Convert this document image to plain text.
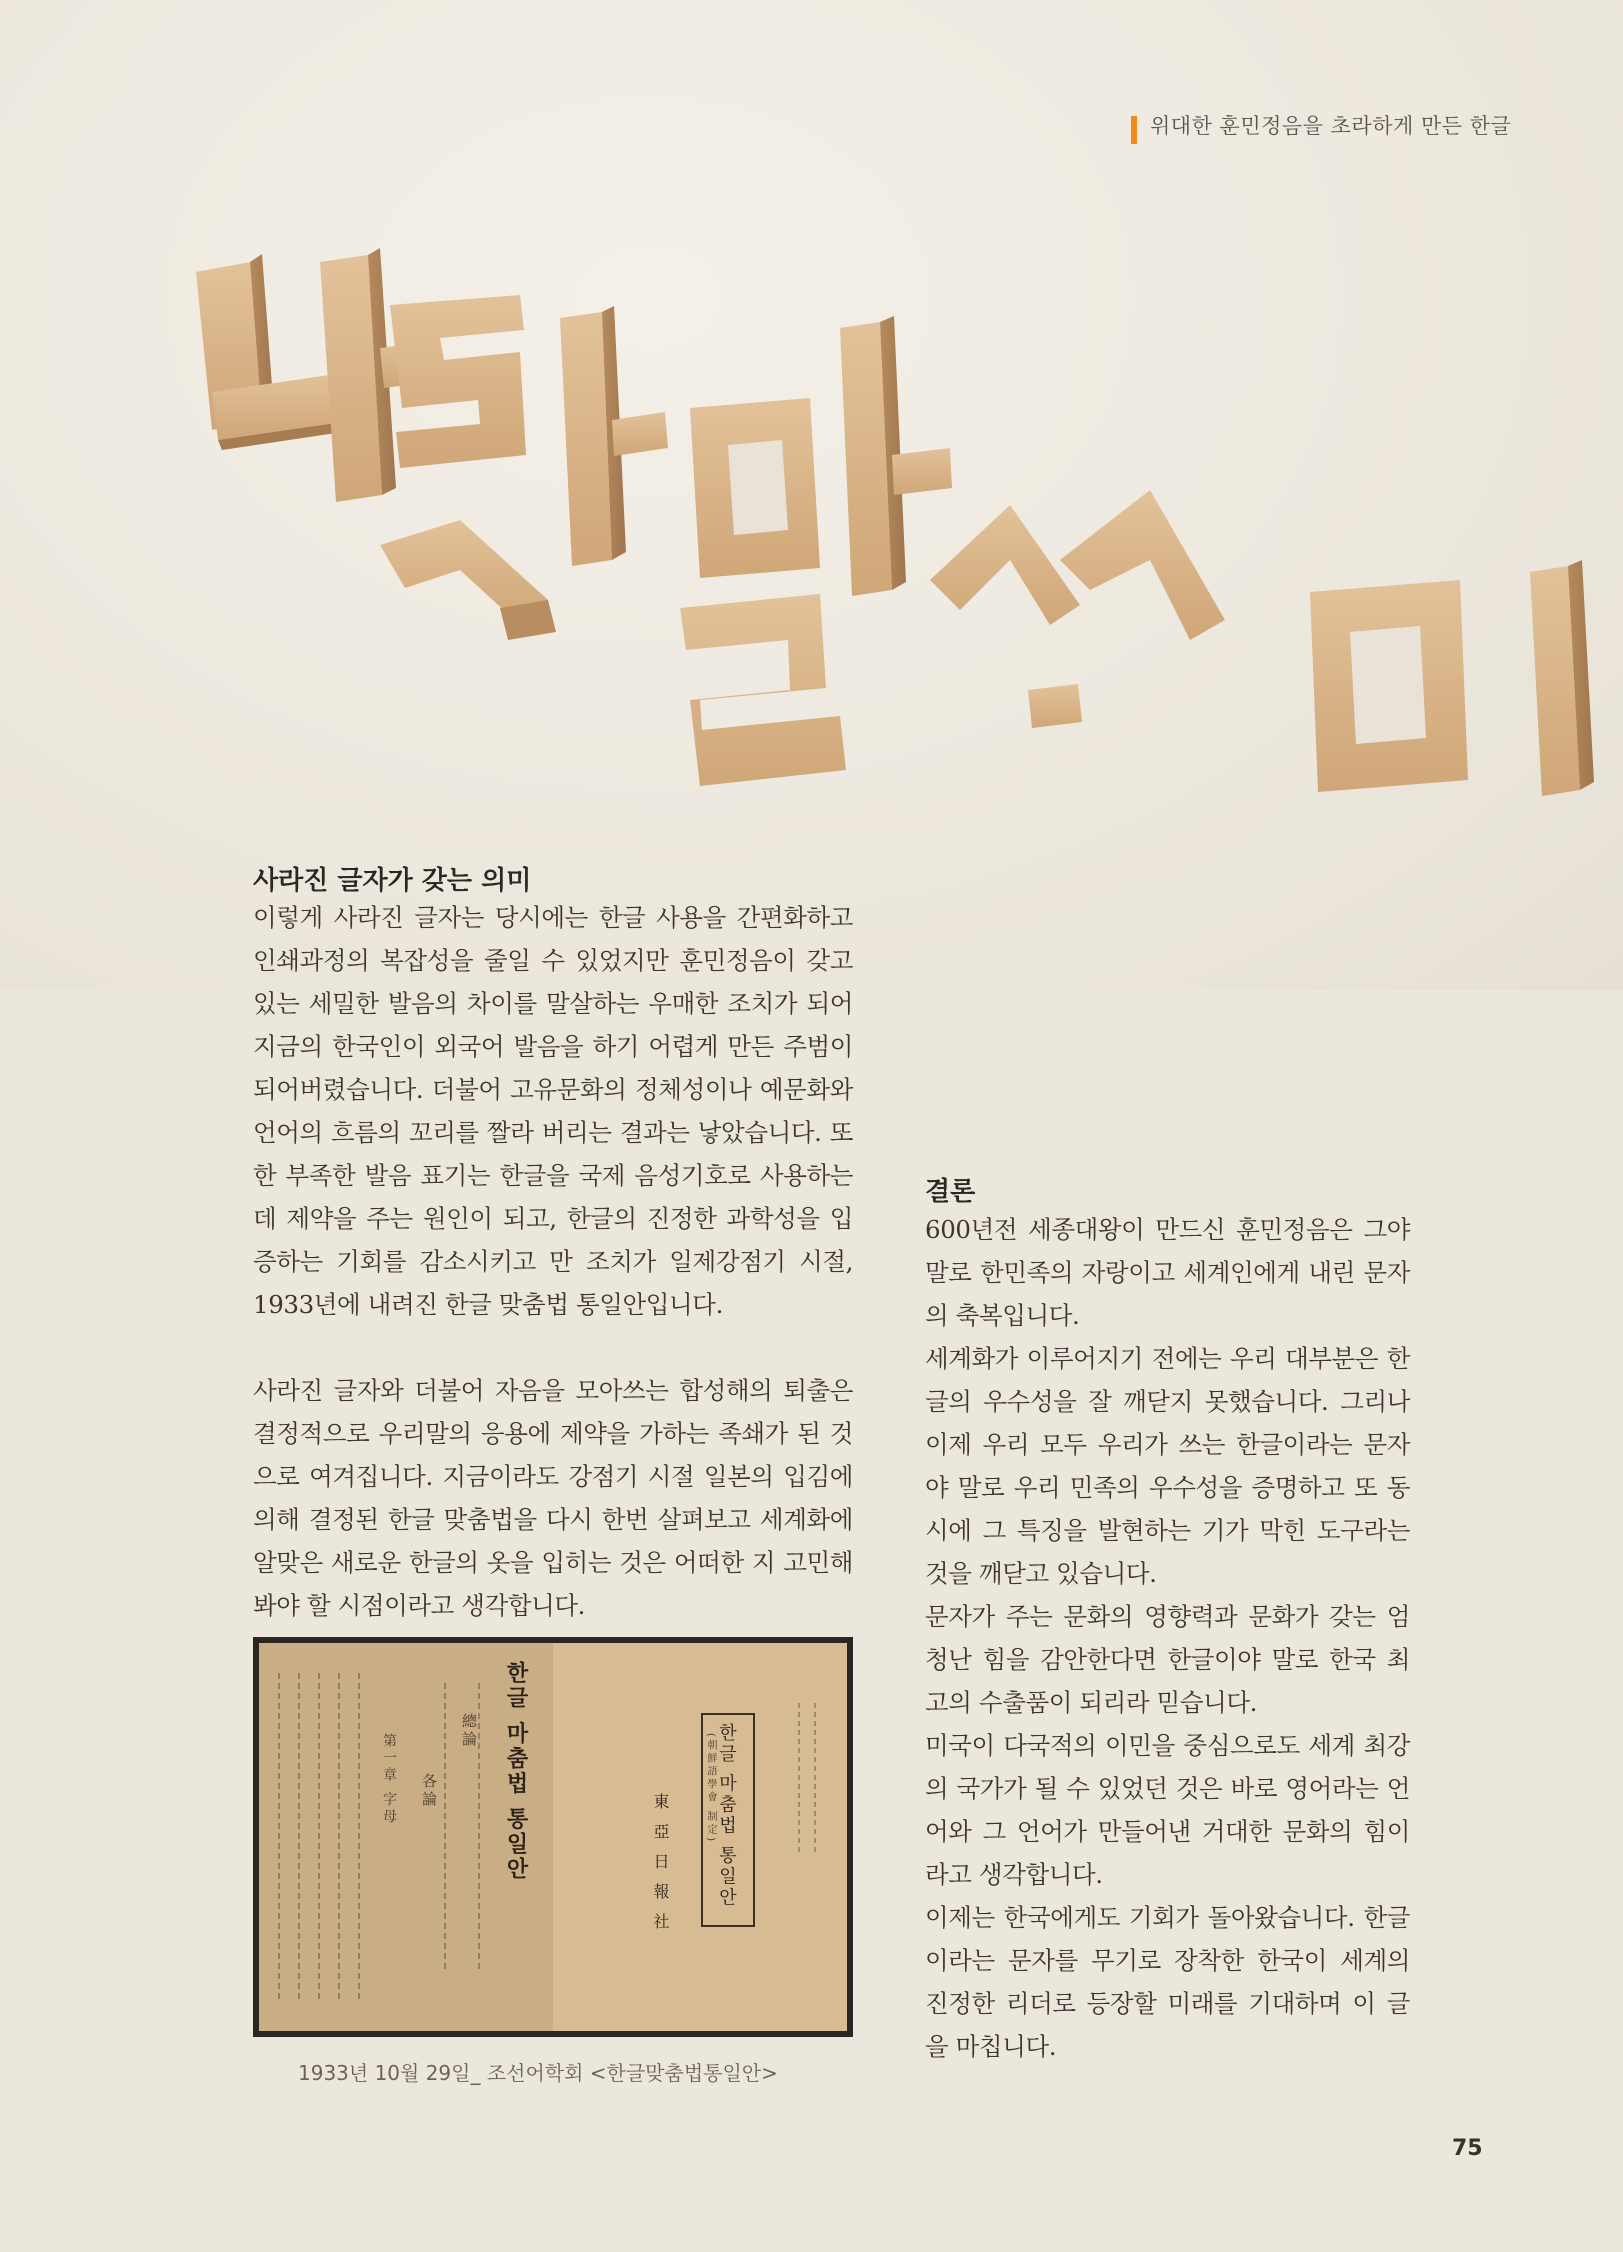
위대한 훈민정음을 초라하게 만든 한글
사라진 글자가 갖는 의미

이렇게 사라진 글자는 당시에는 한글 사용을 간편화하고 인쇄과정의 복잡성을 줄일 수 있었지만 훈민정음이 갖고 있는 세밀한 발음의 차이를 말살하는 우매한 조치가 되어 지금의 한국인이 외국어 발음을 하기 어렵게 만든 주범이 되어버렸습니다. 더불어 고유문화의 정체성이나 예문화와 언어의 흐름의 꼬리를 짤라 버리는 결과는 낳았습니다. 또한 부족한 발음 표기는 한글을 국제 음성기호로 사용하는데 제약을 주는 원인이 되고, 한글의 진정한 과학성을 입증하는 기회를 감소시키고 만 조치가 일제강점기 시절, 1933년에 내려진 한글 맞춤법 통일안입니다.

사라진 글자와 더불어 자음을 모아쓰는 합성해의 퇴출은 결정적으로 우리말의 응용에 제약을 가하는 족쇄가 된 것으로 여겨집니다. 지금이라도 강점기 시절 일본의 입김에 의해 결정된 한글 맞춤법을 다시 한번 살펴보고 세계화에 알맞은 새로운 한글의 옷을 입히는 것은 어떠한 지 고민해봐야 할 시점이라고 생각합니다.

한글 마춤법 통일안
總論
各論
第一章 字母	한글 마춤법 통일안
(朝鮮語學會 制定)
東亞日報社
1933년 10월 29일_ 조선어학회 <한글맞춤법통일안>
결론

600년전 세종대왕이 만드신 훈민정음은 그야말로 한민족의 자랑이고 세계인에게 내린 문자의 축복입니다.

세계화가 이루어지기 전에는 우리 대부분은 한글의 우수성을 잘 깨닫지 못했습니다. 그리나 이제 우리 모두 우리가 쓰는 한글이라는 문자야 말로 우리 민족의 우수성을 증명하고 또 동시에 그 특징을 발현하는 기가 막힌 도구라는 것을 깨닫고 있습니다.

문자가 주는 문화의 영향력과 문화가 갖는 엄청난 힘을 감안한다면 한글이야 말로 한국 최고의 수출품이 되리라 믿습니다.

미국이 다국적의 이민을 중심으로도 세계 최강의 국가가 될 수 있었던 것은 바로 영어라는 언어와 그 언어가 만들어낸 거대한 문화의 힘이라고 생각합니다.

이제는 한국에게도 기회가 돌아왔습니다. 한글이라는 문자를 무기로 장착한 한국이 세계의 진정한 리더로 등장할 미래를 기대하며 이 글을 마칩니다.

75
